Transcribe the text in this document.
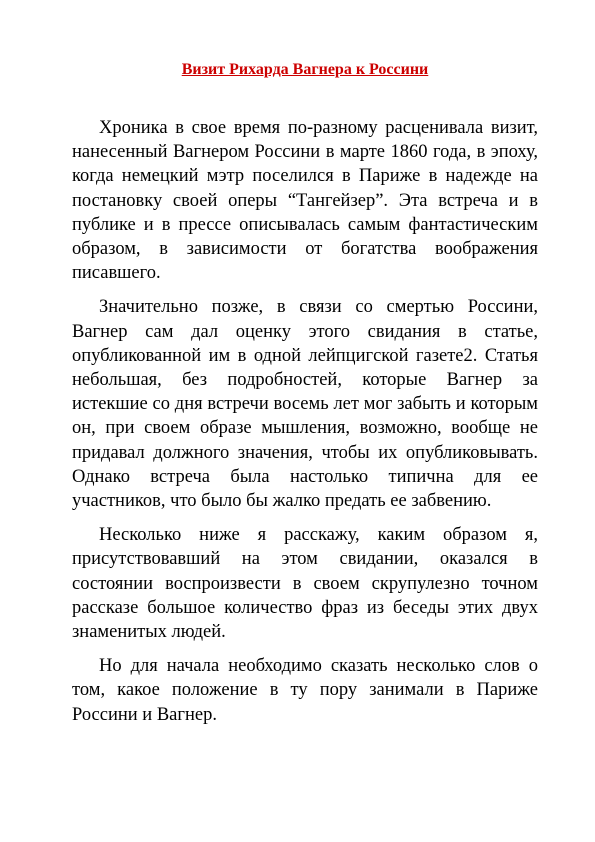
Визит Рихарда Вагнера к Россини

Хроника в свое время по-разному расценивала визит, нанесенный Вагнером Россини в марте 1860 года, в эпоху, когда немецкий мэтр поселился в Париже в надежде на постановку своей оперы “Тангейзер”. Эта встреча и в публике и в прессе описывалась самым фантастическим образом, в зависимости от богатства воображения писавшего.

Значительно позже, в связи со смертью Россини, Вагнер сам дал оценку этого свидания в статье, опубликованной им в одной лейпцигской газете2. Статья небольшая, без подробностей, которые Вагнер за истекшие со дня встречи восемь лет мог забыть и которым он, при своем образе мышления, возможно, вообще не придавал должного значения, чтобы их опубликовывать. Однако встреча была настолько типична для ее участников, что было бы жалко предать ее забвению.

Несколько ниже я расскажу, каким образом я, присутствовавший на этом свидании, оказался в состоянии воспроизвести в своем скрупулезно точном рассказе большое количество фраз из беседы этих двух знаменитых людей.

Но для начала необходимо сказать несколько слов о том, какое положение в ту пору занимали в Париже Россини и Вагнер.
